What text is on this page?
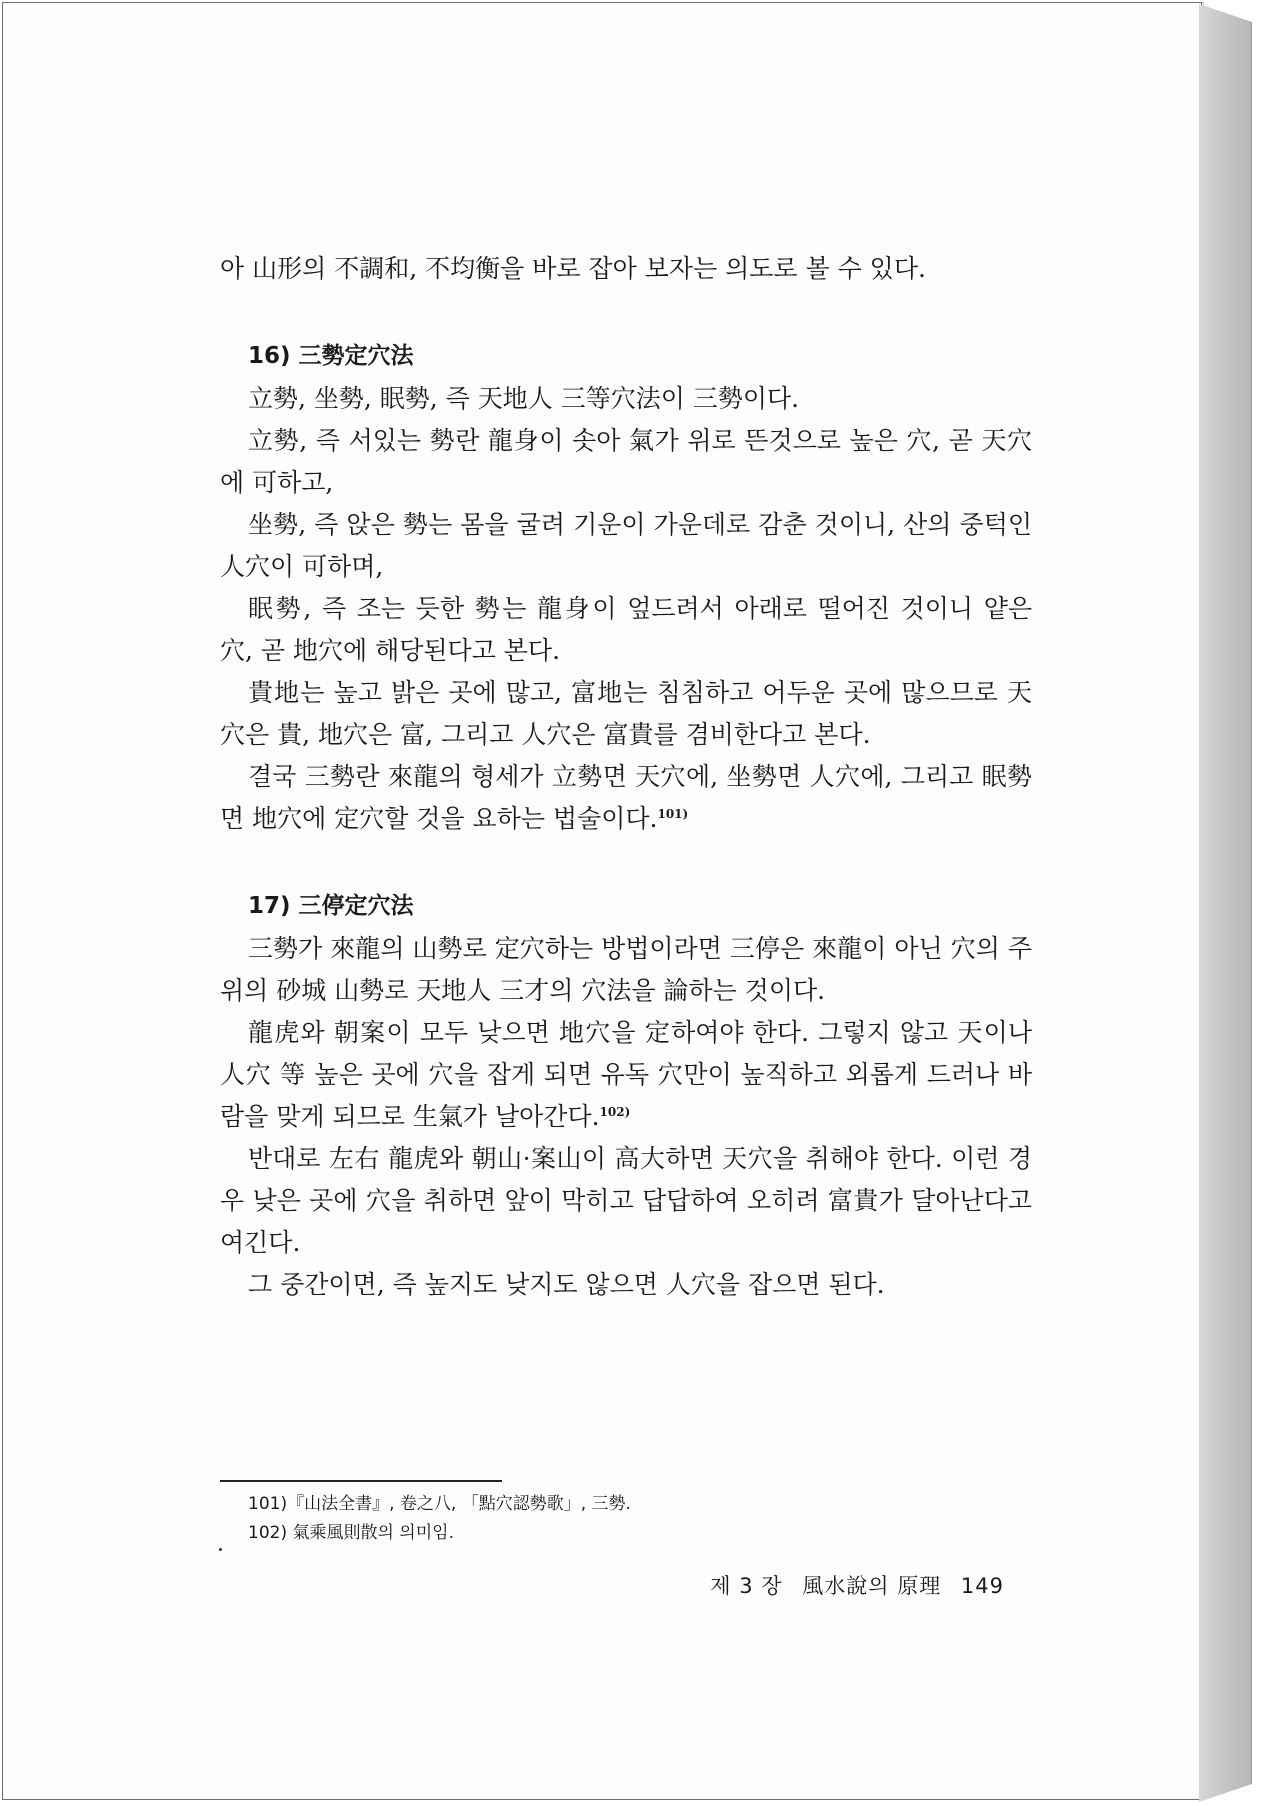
아 山形의 不調和, 不均衡을 바로 잡아 보자는 의도로 볼 수 있다.

16) 三勢定穴法

立勢, 坐勢, 眠勢, 즉 天地人 三等穴法이 三勢이다.

立勢, 즉 서있는 勢란 龍身이 솟아 氣가 위로 뜬것으로 높은 穴, 곧 天穴에 可하고,

坐勢, 즉 앉은 勢는 몸을 굴려 기운이 가운데로 감춘 것이니, 산의 중턱인 人穴이 可하며,

眠勢, 즉 조는 듯한 勢는 龍身이 엎드려서 아래로 떨어진 것이니 얕은 穴, 곧 地穴에 해당된다고 본다.

貴地는 높고 밝은 곳에 많고, 富地는 침침하고 어두운 곳에 많으므로 天穴은 貴, 地穴은 富, 그리고 人穴은 富貴를 겸비한다고 본다.

결국 三勢란 來龍의 형세가 立勢면 天穴에, 坐勢면 人穴에, 그리고 眠勢면 地穴에 定穴할 것을 요하는 법술이다.$^{101)}$

17) 三停定穴法

三勢가 來龍의 山勢로 定穴하는 방법이라면 三停은 來龍이 아닌 穴의 주위의 砂城 山勢로 天地人 三才의 穴法을 論하는 것이다.

龍虎와 朝案이 모두 낮으면 地穴을 定하여야 한다. 그렇지 않고 天이나 人穴 等 높은 곳에 穴을 잡게 되면 유독 穴만이 높직하고 외롭게 드러나 바람을 맞게 되므로 生氣가 날아간다.$^{102)}$

반대로 左右 龍虎와 朝山·案山이 高大하면 天穴을 취해야 한다. 이런 경우 낮은 곳에 穴을 취하면 앞이 막히고 답답하여 오히려 富貴가 달아난다고 여긴다.

그 중간이면, 즉 높지도 낮지도 않으면 人穴을 잡으면 된다.

101)『山法全書』, 卷之八, 「點穴認勢歌」, 三勢.
102) 氣乘風則散의 의미임.
제 3 장 風水說의 原理 149
